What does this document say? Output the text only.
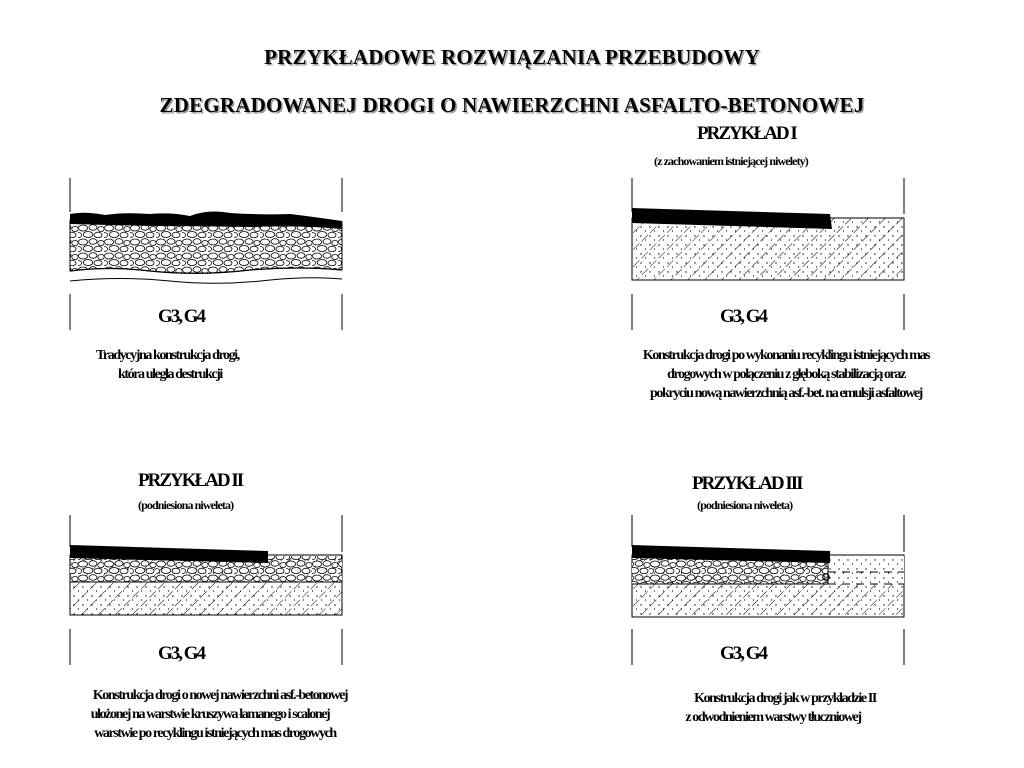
PRZYKŁADOWE ROZWIĄZANIA PRZEBUDOWY
ZDEGRADOWANEJ DROGI O NAWIERZCHNI ASFALTO-BETONOWEJ
G3, G4
Tradycyjna konstrukcja drogi,
która uległa destrukcji
PRZYKŁAD I
(z zachowaniem istniejącej niwelety)
G3, G4
Konstrukcja drogi po wykonaniu recyklingu istniejących mas
drogowych w połączeniu z głęboką stabilizacją oraz
pokryciu nową nawierzchnią asf.-bet. na emulsji asfaltowej
PRZYKŁAD II
(podniesiona niweleta)
G3, G4
Konstrukcja drogi o nowej nawierzchni asf.-betonowej
ułożonej na warstwie kruszywa łamanego i scalonej
warstwie po recyklingu istniejących mas drogowych
PRZYKŁAD III
(podniesiona niweleta)
G3, G4
Konstrukcja drogi jak w przykładzie II
z odwodnieniem warstwy tłuczniowej
